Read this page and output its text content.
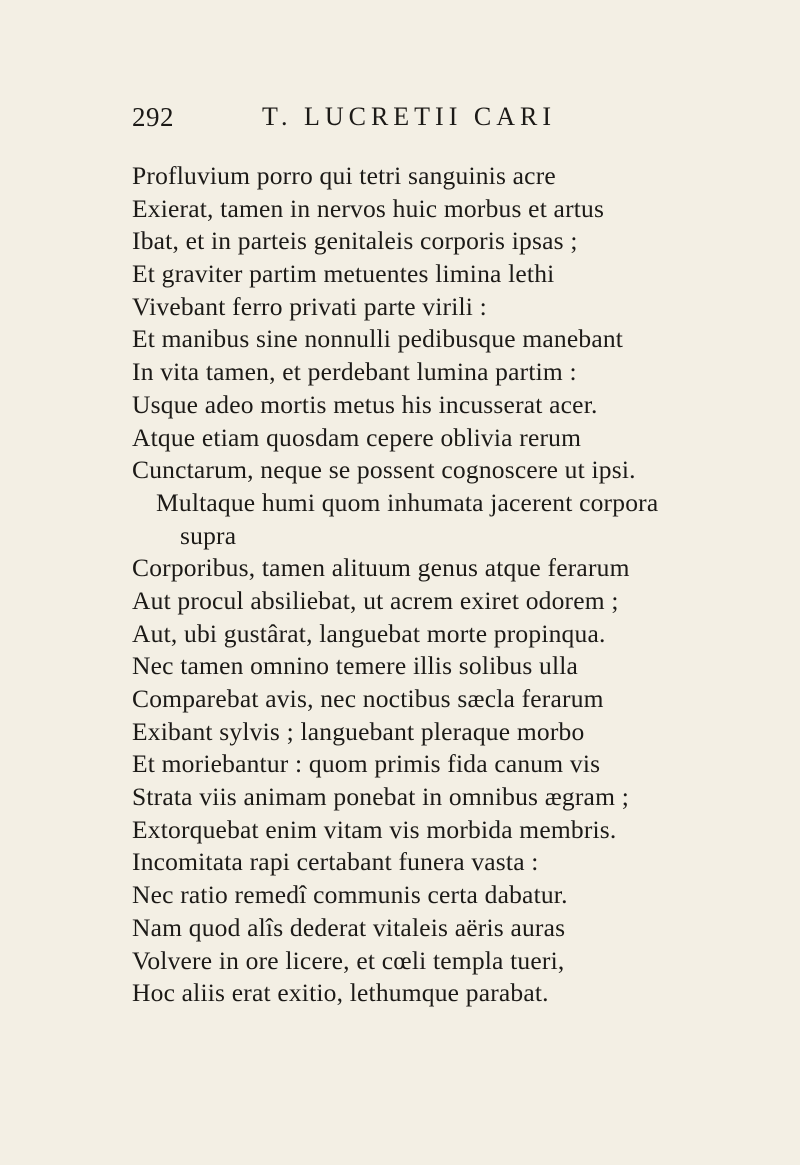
292	T. LUCRETII CARI
Profluvium porro qui tetri sanguinis acre
Exierat, tamen in nervos huic morbus et artus
Ibat, et in parteis genitaleis corporis ipsas ;
Et graviter partim metuentes limina lethi
Vivebant ferro privati parte virili :
Et manibus sine nonnulli pedibusque manebant
In vita tamen, et perdebant lumina partim :
Usque adeo mortis metus his incusserat acer.
Atque etiam quosdam cepere oblivia rerum
Cunctarum, neque se possent cognoscere ut ipsi.
Multaque humi quom inhumata jacerent corpora
supra
Corporibus, tamen alituum genus atque ferarum
Aut procul absiliebat, ut acrem exiret odorem ;
Aut, ubi gustârat, languebat morte propinqua.
Nec tamen omnino temere illis solibus ulla
Comparebat avis, nec noctibus sæcla ferarum
Exibant sylvis ; languebant pleraque morbo
Et moriebantur : quom primis fida canum vis
Strata viis animam ponebat in omnibus ægram ;
Extorquebat enim vitam vis morbida membris.
Incomitata rapi certabant funera vasta :
Nec ratio remedî communis certa dabatur.
Nam quod alîs dederat vitaleis aëris auras
Volvere in ore licere, et cœli templa tueri,
Hoc aliis erat exitio, lethumque parabat.
